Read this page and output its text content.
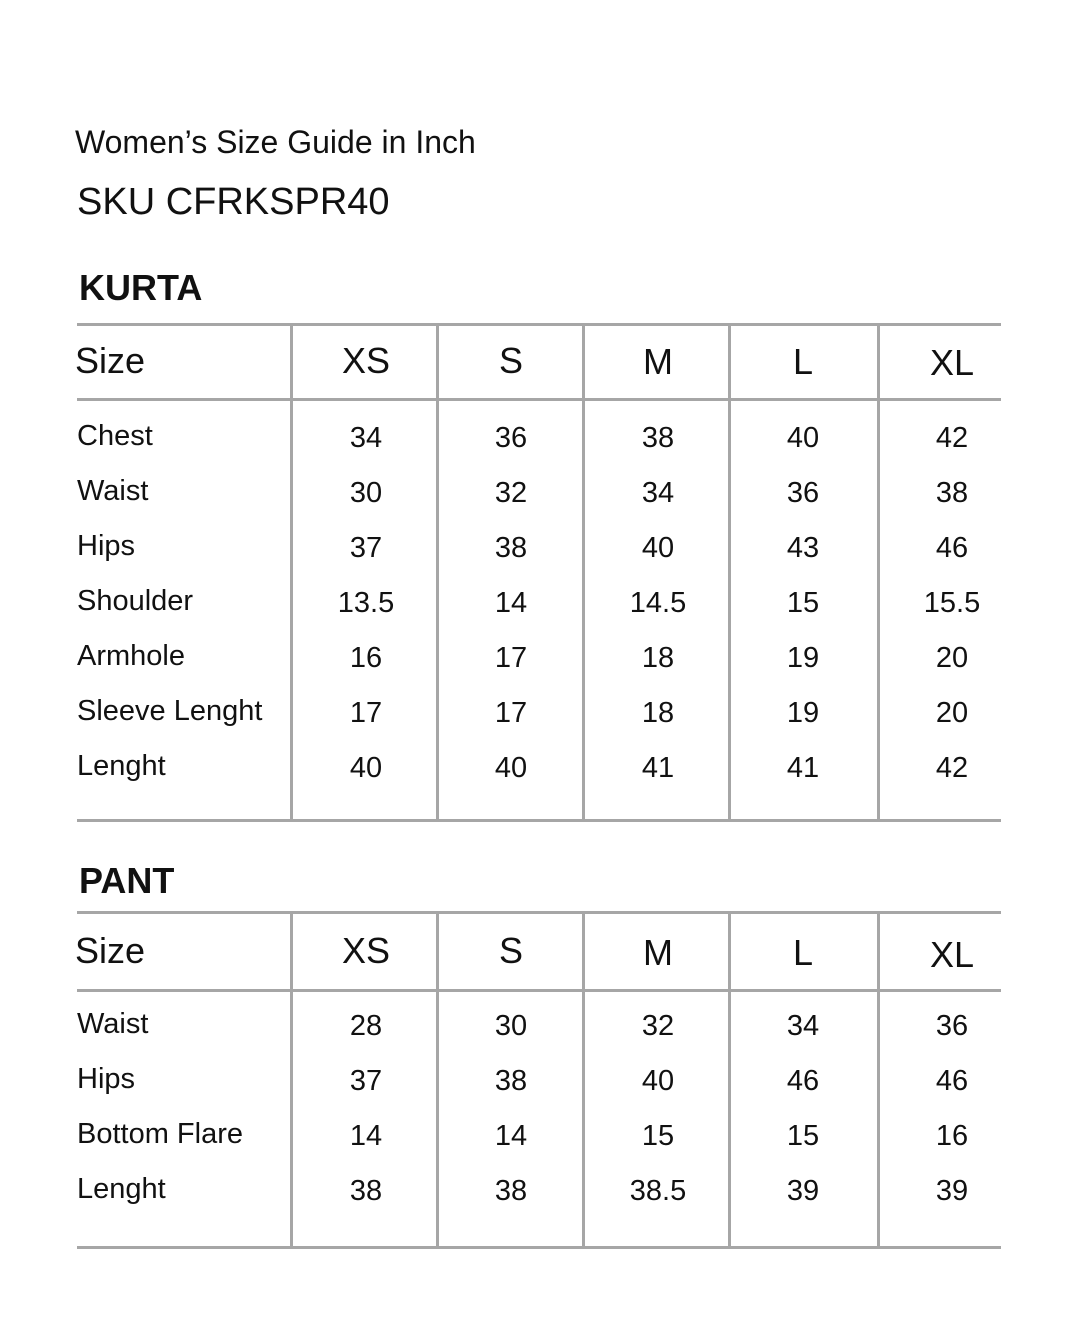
Women’s Size Guide in Inch
SKU CFRKSPR40
KURTA
Size	XS	S	M	L	XL
Chest	34	36	38	40	42
Waist	30	32	34	36	38
Hips	37	38	40	43	46
Shoulder	13.5	14	14.5	15	15.5
Armhole	16	17	18	19	20
Sleeve Lenght	17	17	18	19	20
Lenght	40	40	41	41	42
PANT
Size	XS	S	M	L	XL
Waist	28	30	32	34	36
Hips	37	38	40	46	46
Bottom Flare	14	14	15	15	16
Lenght	38	38	38.5	39	39
